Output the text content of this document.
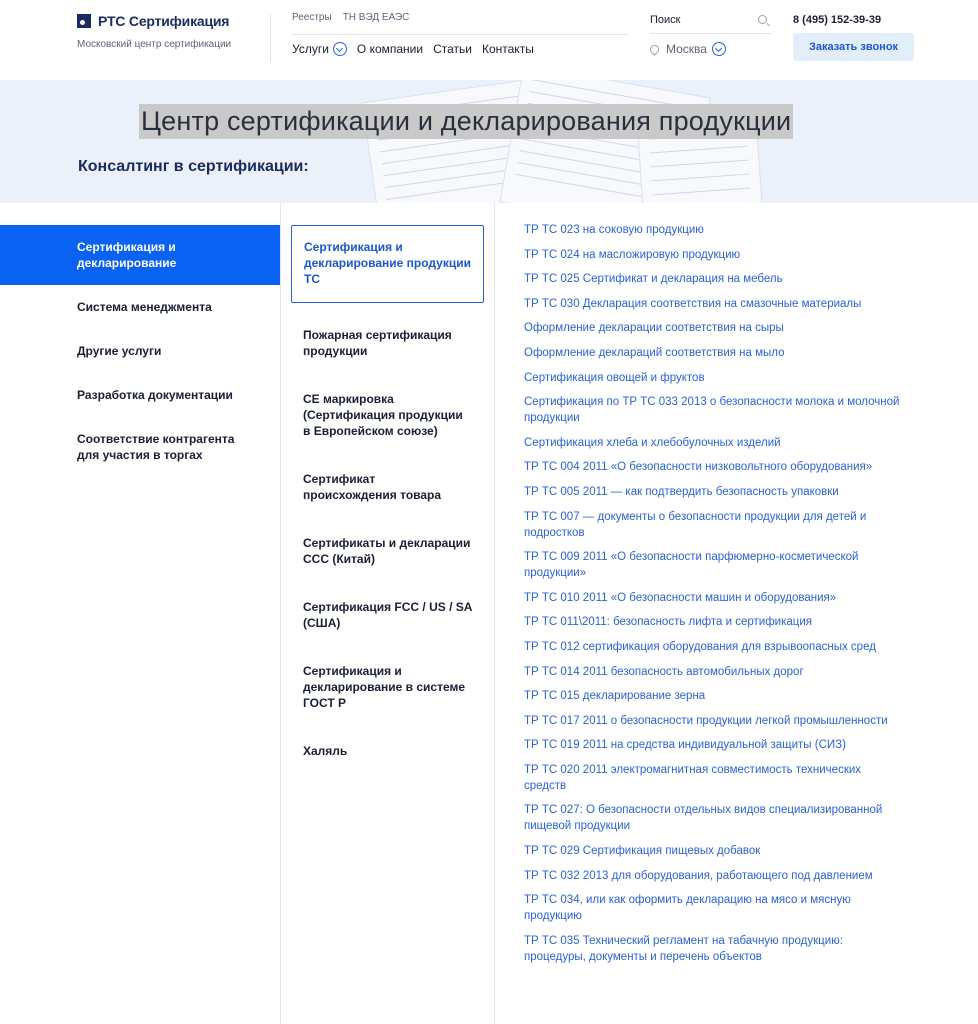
РТС Сертификация
Московский центр сертификации
Реестры ТН ВЭД ЕАЭС
Услуги О компании Статьи Контакты
Поиск	Москва
8 (495) 152-39-39
Заказать звонок
Центр сертификации и декларирования продукции
Консалтинг в сертификации:
Сертификация и декларирование
Система менеджмента
Другие услуги
Разработка документации
Соответствие контрагента для участия в торгах
Сертификация и декларирование продукции ТС
Пожарная сертификация продукции
CE маркировка (Сертификация продукции в Европейском союзе)
Сертификат происхождения товара
Сертификаты и декларации CCC (Китай)
Сертификация FCC / US / SA (США)
Сертификация и декларирование в системе ГОСТ Р
Халяль
ТР ТС 023 на соковую продукцию
ТР ТС 024 на масложировую продукцию
ТР ТС 025 Сертификат и декларация на мебель
ТР ТС 030 Декларация соответствия на смазочные материалы
Оформление декларации соответствия на сыры
Оформление деклараций соответствия на мыло
Сертификация овощей и фруктов
Сертификация по ТР ТС 033 2013 о безопасности молока и молочной продукции
Сертификация хлеба и хлебобулочных изделий
ТР ТС 004 2011 «О безопасности низковольтного оборудования»
ТР ТС 005 2011 — как подтвердить безопасность упаковки
ТР ТС 007 — документы о безопасности продукции для детей и подростков
ТР ТС 009 2011 «О безопасности парфюмерно-косметической продукции»
ТР ТС 010 2011 «О безопасности машин и оборудования»
ТР ТС 011\2011: безопасность лифта и сертификация
ТР ТС 012 сертификация оборудования для взрывоопасных сред
ТР ТС 014 2011 безопасность автомобильных дорог
ТР ТС 015 декларирование зерна
ТР ТС 017 2011 о безопасности продукции легкой промышленности
ТР ТС 019 2011 на средства индивидуальной защиты (СИЗ)
ТР ТС 020 2011 электромагнитная совместимость технических средств
ТР ТС 027: О безопасности отдельных видов специализированной пищевой продукции
ТР ТС 029 Сертификация пищевых добавок
ТР ТС 032 2013 для оборудования, работающего под давлением
ТР ТС 034, или как оформить декларацию на мясо и мясную продукцию
ТР ТС 035 Технический регламент на табачную продукцию: процедуры, документы и перечень объектов
